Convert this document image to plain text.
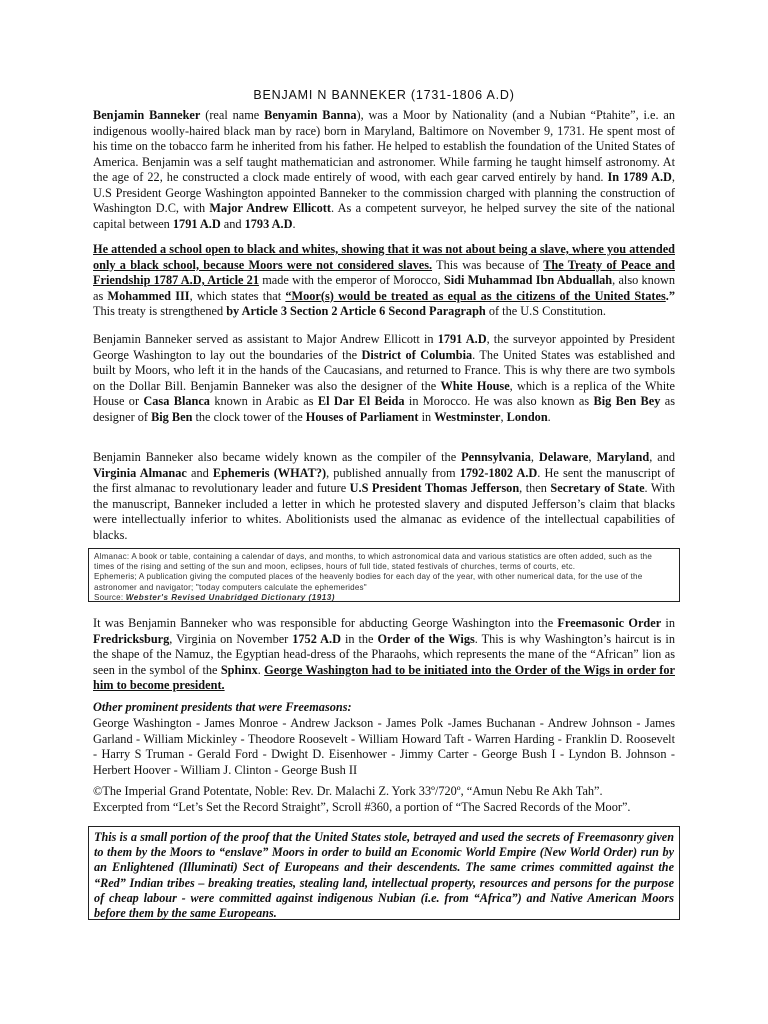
BENJAMI N BANNEKER (1731-1806 A.D)

Benjamin Banneker (real name Benyamin Banna), was a Moor by Nationality (and a Nubian “Ptahite”, i.e. an indigenous woolly-haired black man by race) born in Maryland, Baltimore on November 9, 1731. He spent most of his time on the tobacco farm he inherited from his father. He helped to establish the foundation of the United States of America. Benjamin was a self taught mathematician and astronomer. While farming he taught himself astronomy. At the age of 22, he constructed a clock made entirely of wood, with each gear carved entirely by hand. In 1789 A.D, U.S President George Washington appointed Banneker to the commission charged with planning the construction of Washington D.C, with Major Andrew Ellicott. As a competent surveyor, he helped survey the site of the national capital between 1791 A.D and 1793 A.D.

He attended a school open to black and whites, showing that it was not about being a slave, where you attended only a black school, because Moors were not considered slaves. This was because of The Treaty of Peace and Friendship 1787 A.D, Article 21 made with the emperor of Morocco, Sidi Muhammad Ibn Abduallah, also known as Mohammed III, which states that “Moor(s) would be treated as equal as the citizens of the United States.” This treaty is strengthened by Article 3 Section 2 Article 6 Second Paragraph of the U.S Constitution.

Benjamin Banneker served as assistant to Major Andrew Ellicott in 1791 A.D, the surveyor appointed by President George Washington to lay out the boundaries of the District of Columbia. The United States was established and built by Moors, who left it in the hands of the Caucasians, and returned to France. This is why there are two symbols on the Dollar Bill. Benjamin Banneker was also the designer of the White House, which is a replica of the White House or Casa Blanca known in Arabic as El Dar El Beida in Morocco. He was also known as Big Ben Bey as designer of Big Ben the clock tower of the Houses of Parliament in Westminster, London.

Benjamin Banneker also became widely known as the compiler of the Pennsylvania, Delaware, Maryland, and Virginia Almanac and Ephemeris (WHAT?), published annually from 1792-1802 A.D. He sent the manuscript of the first almanac to revolutionary leader and future U.S President Thomas Jefferson, then Secretary of State. With the manuscript, Banneker included a letter in which he protested slavery and disputed Jefferson’s claim that blacks were intellectually inferior to whites. Abolitionists used the almanac as evidence of the intellectual capabilities of blacks.

Almanac: A book or table, containing a calendar of days, and months, to which astronomical data and various statistics are often added, such as the times of the rising and setting of the sun and moon, eclipses, hours of full tide, stated festivals of churches, terms of courts, etc.
Ephemeris; A publication giving the computed places of the heavenly bodies for each day of the year, with other numerical data, for the use of the astronomer and navigator; "today computers calculate the ephemerides"
Source: Webster's Revised Unabridged Dictionary (1913)

It was Benjamin Banneker who was responsible for abducting George Washington into the Freemasonic Order in Fredricksburg, Virginia on November 1752 A.D in the Order of the Wigs. This is why Washington’s haircut is in the shape of the Namuz, the Egyptian head-dress of the Pharaohs, which represents the mane of the “African” lion as seen in the symbol of the Sphinx. George Washington had to be initiated into the Order of the Wigs in order for him to become president.

Other prominent presidents that were Freemasons:

George Washington - James Monroe - Andrew Jackson - James Polk -James Buchanan - Andrew Johnson - James Garland - William Mickinley - Theodore Roosevelt - William Howard Taft - Warren Harding - Franklin D. Roosevelt - Harry S Truman - Gerald Ford - Dwight D. Eisenhower - Jimmy Carter - George Bush I - Lyndon B. Johnson - Herbert Hoover - William J. Clinton - George Bush II

©The Imperial Grand Potentate, Noble: Rev. Dr. Malachi Z. York 33º/720º, “Amun Nebu Re Akh Tah”.
Excerpted from “Let’s Set the Record Straight”, Scroll #360, a portion of “The Sacred Records of the Moor”.
This is a small portion of the proof that the United States stole, betrayed and used the secrets of Freemasonry given to them by the Moors to “enslave” Moors in order to build an Economic World Empire (New World Order) run by an Enlightened (Illuminati) Sect of Europeans and their descendents. The same crimes committed against the “Red” Indian tribes – breaking treaties, stealing land, intellectual property, resources and persons for the purpose of cheap labour - were committed against indigenous Nubian (i.e. from “Africa”) and Native American Moors before them by the same Europeans.
